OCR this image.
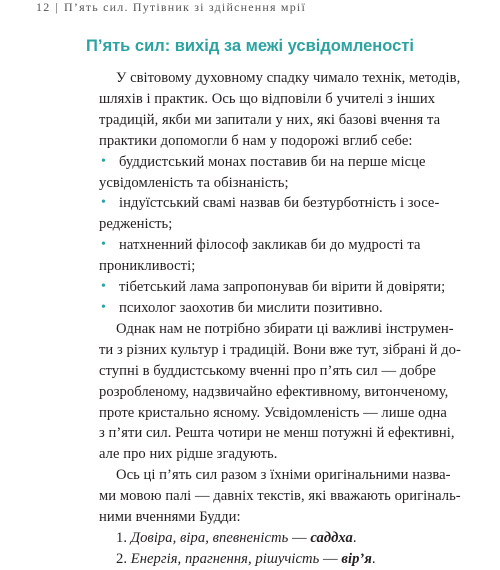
12 | П’ять сил. Путівник зі здійснення мрії
П’ять сил: вихід за межі усвідомленості
У світовому духовному спадку чимало технік, методів,
шляхів і практик. Ось що відповіли б учителі з інших
традицій, якби ми запитали у них, які базові вчення та
практики допомогли б нам у подорожі вглиб себе:
• буддистський монах поставив би на перше місце
усвідомленість та обізнаність;
• індуїстський свамі назвав би безтурботність і зосе-
редженість;
• натхненний філософ закликав би до мудрості та
проникливості;
• тібетський лама запропонував би вірити й довіряти;
• психолог заохотив би мислити позитивно.
Однак нам не потрібно збирати ці важливі інструмен-
ти з різних культур і традицій. Вони вже тут, зібрані й до-
ступні в буддистському вченні про п’ять сил — добре
розробленому, надзвичайно ефективному, витонченому,
проте кристально ясному. Усвідомленість — лише одна
з п’яти сил. Решта чотири не менш потужні й ефективні,
але про них рідше згадують.
Ось ці п’ять сил разом з їхніми оригінальними назва-
ми мовою палі — давніх текстів, які вважають оригіналь-
ними вченнями Будди:
1. Довіра, віра, впевненість — саддха.
2. Енергія, прагнення, рішучість — вір’я.
